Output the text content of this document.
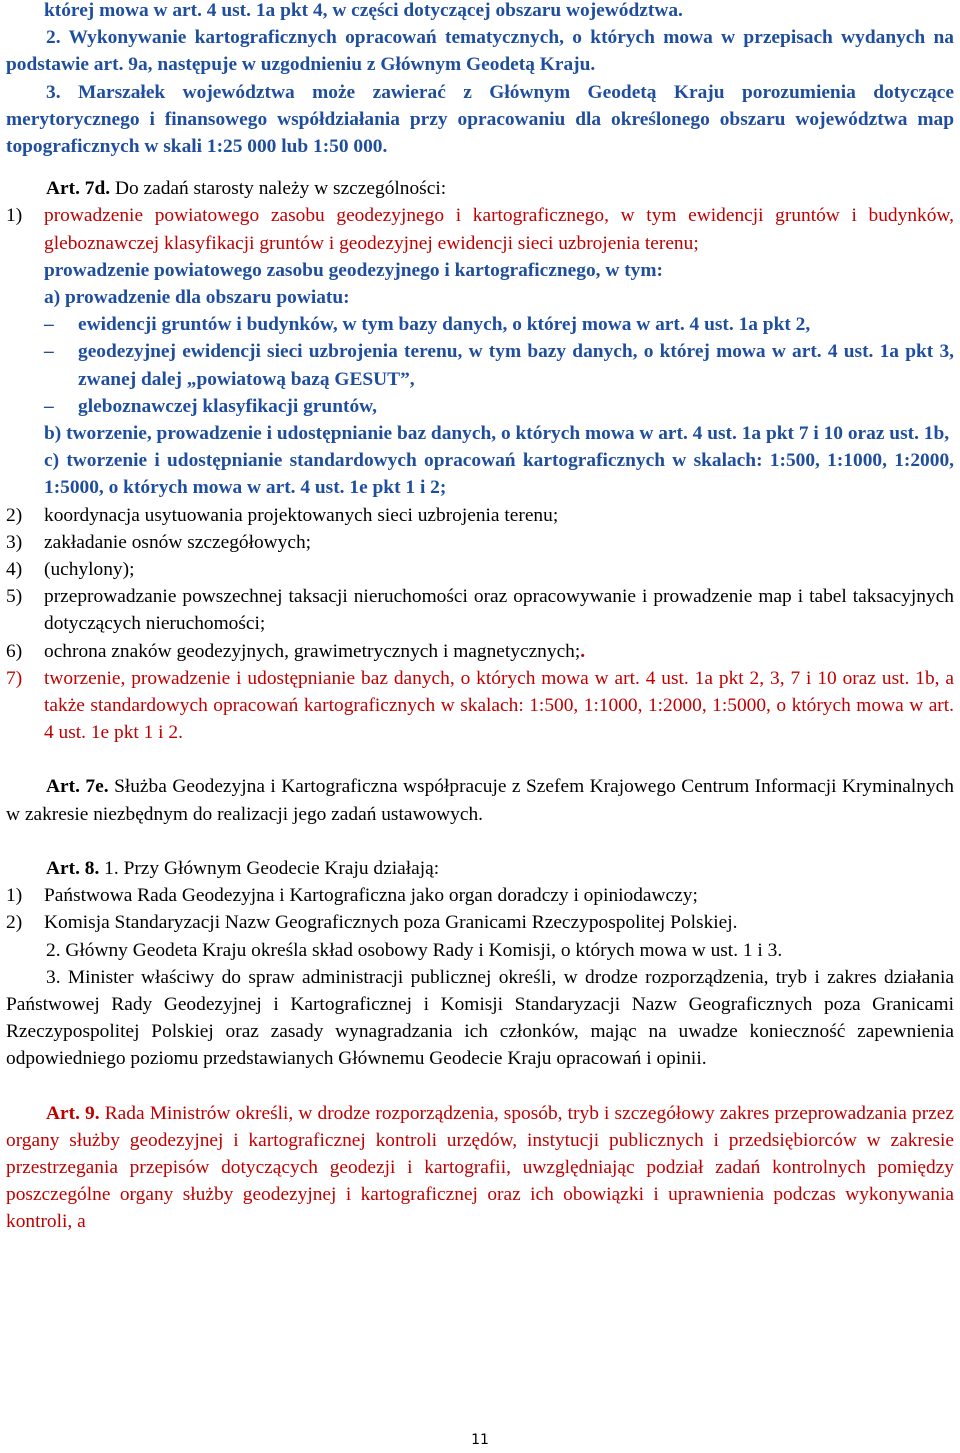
której mowa w art. 4 ust. 1a pkt 4, w części dotyczącej obszaru województwa.

2. Wykonywanie kartograficznych opracowań tematycznych, o których mowa w przepisach wydanych na podstawie art. 9a, następuje w uzgodnieniu z Głównym Geodetą Kraju.

3. Marszałek województwa może zawierać z Głównym Geodetą Kraju porozumienia dotyczące merytorycznego i finansowego współdziałania przy opracowaniu dla określonego obszaru województwa map topograficznych w skali 1:25 000 lub 1:50 000.

Art. 7d. Do zadań starosty należy w szczególności:

1) prowadzenie powiatowego zasobu geodezyjnego i kartograficznego, w tym ewidencji gruntów i budynków, gleboznawczej klasyfikacji gruntów i geodezyjnej ewidencji sieci uzbrojenia terenu;
prowadzenie powiatowego zasobu geodezyjnego i kartograficznego, w tym:
a) prowadzenie dla obszaru powiatu:
– ewidencji gruntów i budynków, w tym bazy danych, o której mowa w art. 4 ust. 1a pkt 2,
– geodezyjnej ewidencji sieci uzbrojenia terenu, w tym bazy danych, o której mowa w art. 4 ust. 1a pkt 3, zwanej dalej „powiatową bazą GESUT”,
– gleboznawczej klasyfikacji gruntów,
b) tworzenie, prowadzenie i udostępnianie baz danych, o których mowa w art. 4 ust. 1a pkt 7 i 10 oraz ust. 1b,
c) tworzenie i udostępnianie standardowych opracowań kartograficznych w skalach: 1:500, 1:1000, 1:2000, 1:5000, o których mowa w art. 4 ust. 1e pkt 1 i 2;
2) koordynacja usytuowania projektowanych sieci uzbrojenia terenu;
3) zakładanie osnów szczegółowych;
4) (uchylony);
5) przeprowadzanie powszechnej taksacji nieruchomości oraz opracowywanie i prowadzenie map i tabel taksacyjnych dotyczących nieruchomości;
6) ochrona znaków geodezyjnych, grawimetrycznych i magnetycznych;.
7) tworzenie, prowadzenie i udostępnianie baz danych, o których mowa w art. 4 ust. 1a pkt 2, 3, 7 i 10 oraz ust. 1b, a także standardowych opracowań kartograficznych w skalach: 1:500, 1:1000, 1:2000, 1:5000, o których mowa w art. 4 ust. 1e pkt 1 i 2.

Art. 7e. Służba Geodezyjna i Kartograficzna współpracuje z Szefem Krajowego Centrum Informacji Kryminalnych w zakresie niezbędnym do realizacji jego zadań ustawowych.

Art. 8. 1. Przy Głównym Geodecie Kraju działają:

1) Państwowa Rada Geodezyjna i Kartograficzna jako organ doradczy i opiniodawczy;
2) Komisja Standaryzacji Nazw Geograficznych poza Granicami Rzeczypospolitej Polskiej.

2. Główny Geodeta Kraju określa skład osobowy Rady i Komisji, o których mowa w ust. 1 i 3.

3. Minister właściwy do spraw administracji publicznej określi, w drodze rozporządzenia, tryb i zakres działania Państwowej Rady Geodezyjnej i Kartograficznej i Komisji Standaryzacji Nazw Geograficznych poza Granicami Rzeczypospolitej Polskiej oraz zasady wynagradzania ich członków, mając na uwadze konieczność zapewnienia odpowiedniego poziomu przedstawianych Głównemu Geodecie Kraju opracowań i opinii.

Art. 9. Rada Ministrów określi, w drodze rozporządzenia, sposób, tryb i szczegółowy zakres przeprowadzania przez organy służby geodezyjnej i kartograficznej kontroli urzędów, instytucji publicznych i przedsiębiorców w zakresie przestrzegania przepisów dotyczących geodezji i kartografii, uwzględniając podział zadań kontrolnych pomiędzy poszczególne organy służby geodezyjnej i kartograficznej oraz ich obowiązki i uprawnienia podczas wykonywania kontroli, a

11
